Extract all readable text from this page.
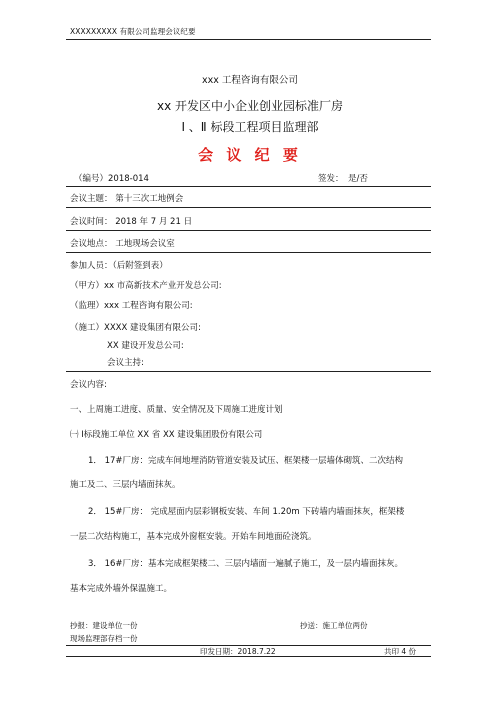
XXXXXXXXX 有限公司监理会议纪要
xxx 工程咨询有限公司
xx 开发区中小企业创业园标准厂房
Ⅰ 、Ⅱ 标段工程项目监理部
会 议 纪 要
（编号）2018-014	签发： 是/否
会议主题： 第十三次工地例会
会议时间： 2018 年 7 月 21 日
会议地点： 工地现场会议室
参加人员：（后附签到表）
（甲方）xx 市高新技术产业开发总公司:
（监理）xxx 工程咨询有限公司:
（施工）XXXX 建设集团有限公司:
XX 建设开发总公司:
会议主持:
会议内容:
一、上周施工进度、质量、安全情况及下周施工进度计划
㈠ Ⅰ标段施工单位 XX 省 XX 建设集团股份有限公司
1． 17#厂房：完成车间地埋消防管道安装及试压、框架楼一层墙体砌筑、二次结构
施工及二、三层内墙面抹灰。
2． 15#厂房： 完成屋面内层彩钢板安装、车间 1.20m 下砖墙内墙面抹灰，框架楼
一层二次结构施工，基本完成外窗框安装。开始车间地面砼浇筑。
3． 16#厂房：基本完成框架楼二、三层内墙面一遍腻子施工，及一层内墙面抹灰。
基本完成外墙外保温施工。
抄报：建设单位一份	抄送：施工单位两份
现场监理部存档一份
印发日期：2018.7.22	共印 4 份
